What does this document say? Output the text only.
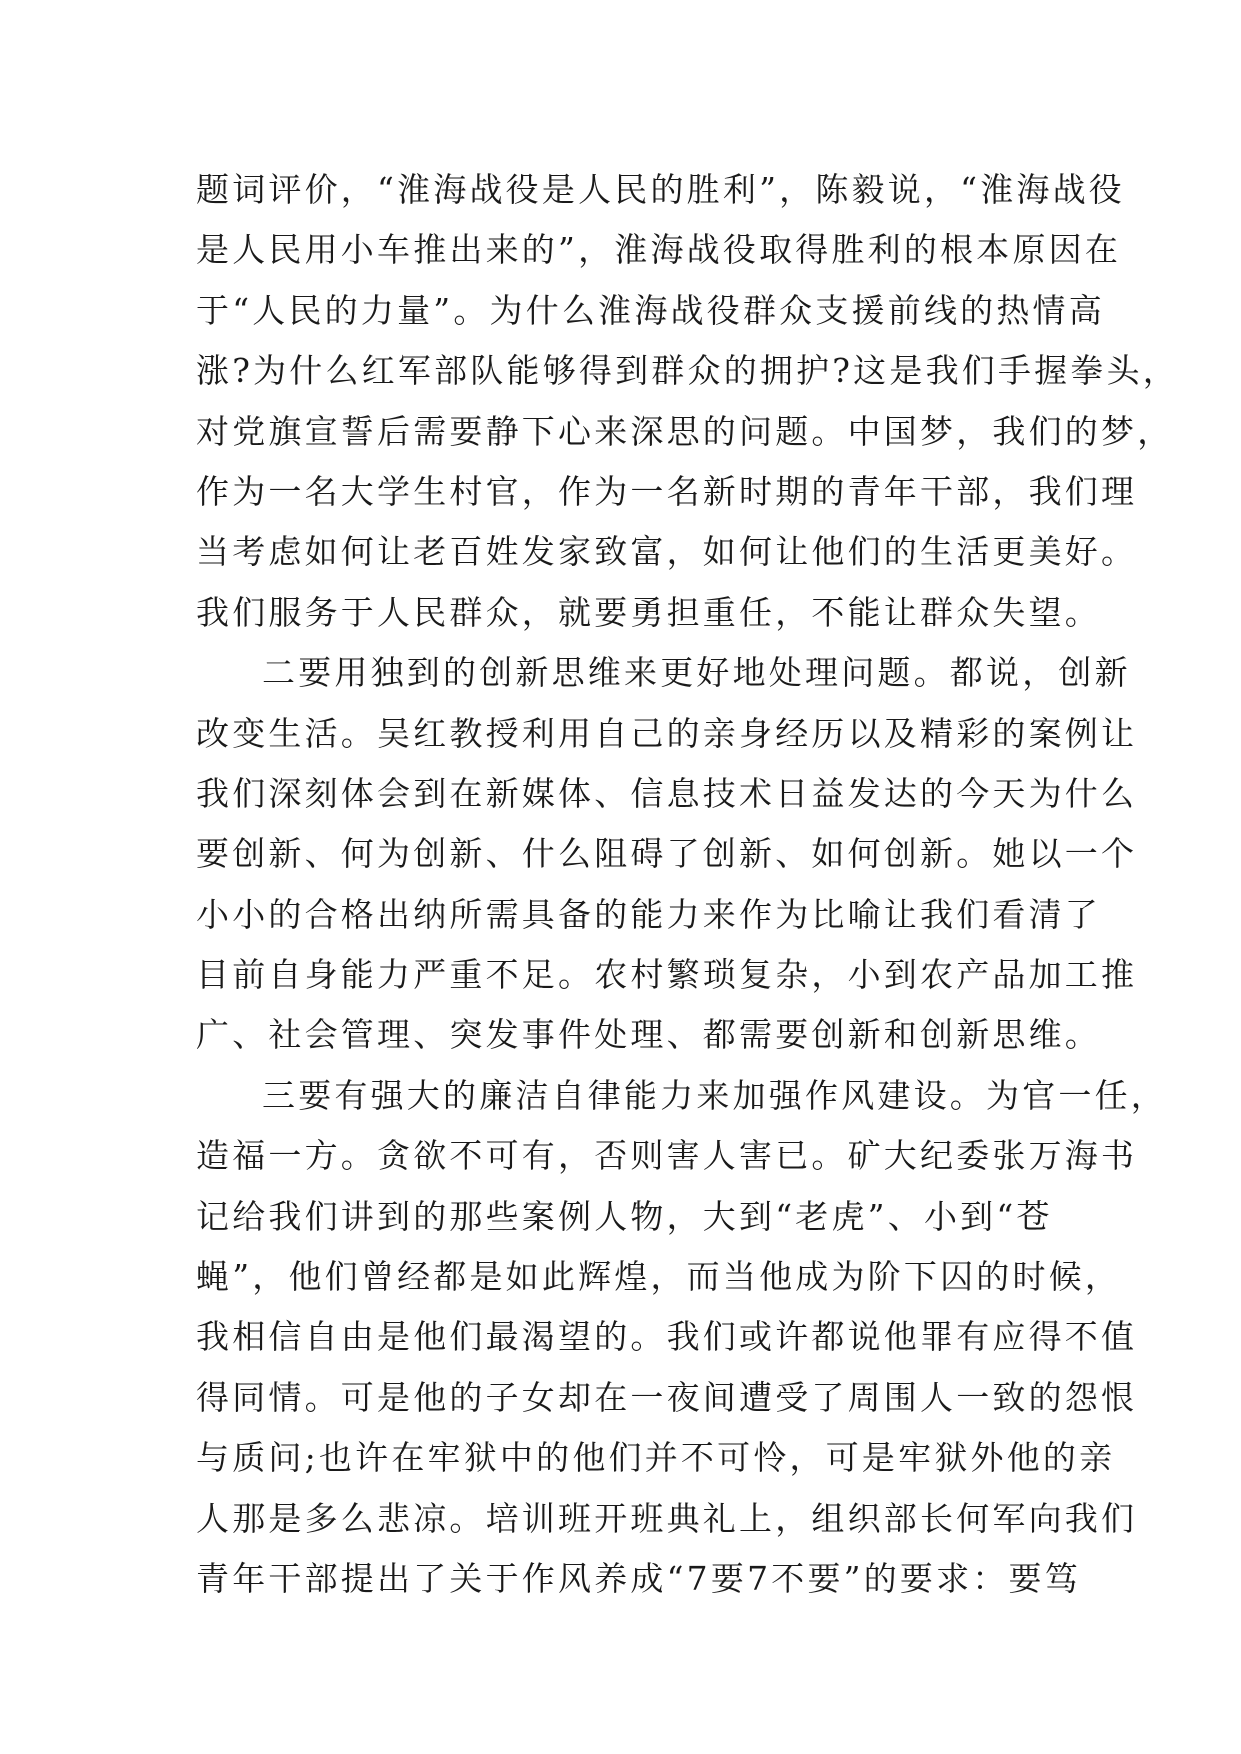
题词评价，“淮海战役是人民的胜利”，陈毅说，“淮海战役
是人民用小车推出来的”，淮海战役取得胜利的根本原因在
于“人民的力量”。为什么淮海战役群众支援前线的热情高
涨?为什么红军部队能够得到群众的拥护?这是我们手握拳头，
对党旗宣誓后需要静下心来深思的问题。中国梦，我们的梦，
作为一名大学生村官，作为一名新时期的青年干部，我们理
当考虑如何让老百姓发家致富，如何让他们的生活更美好。
我们服务于人民群众，就要勇担重任，不能让群众失望。
二要用独到的创新思维来更好地处理问题。都说，创新
改变生活。吴红教授利用自己的亲身经历以及精彩的案例让
我们深刻体会到在新媒体、信息技术日益发达的今天为什么
要创新、何为创新、什么阻碍了创新、如何创新。她以一个
小小的合格出纳所需具备的能力来作为比喻让我们看清了
目前自身能力严重不足。农村繁琐复杂，小到农产品加工推
广、社会管理、突发事件处理、都需要创新和创新思维。
三要有强大的廉洁自律能力来加强作风建设。为官一任，
造福一方。贪欲不可有，否则害人害已。矿大纪委张万海书
记给我们讲到的那些案例人物，大到“老虎”、小到“苍
蝇”，他们曾经都是如此辉煌，而当他成为阶下囚的时候，
我相信自由是他们最渴望的。我们或许都说他罪有应得不值
得同情。可是他的子女却在一夜间遭受了周围人一致的怨恨
与质问;也许在牢狱中的他们并不可怜，可是牢狱外他的亲
人那是多么悲凉。培训班开班典礼上，组织部长何军向我们
青年干部提出了关于作风养成“7要7不要”的要求：要笃
